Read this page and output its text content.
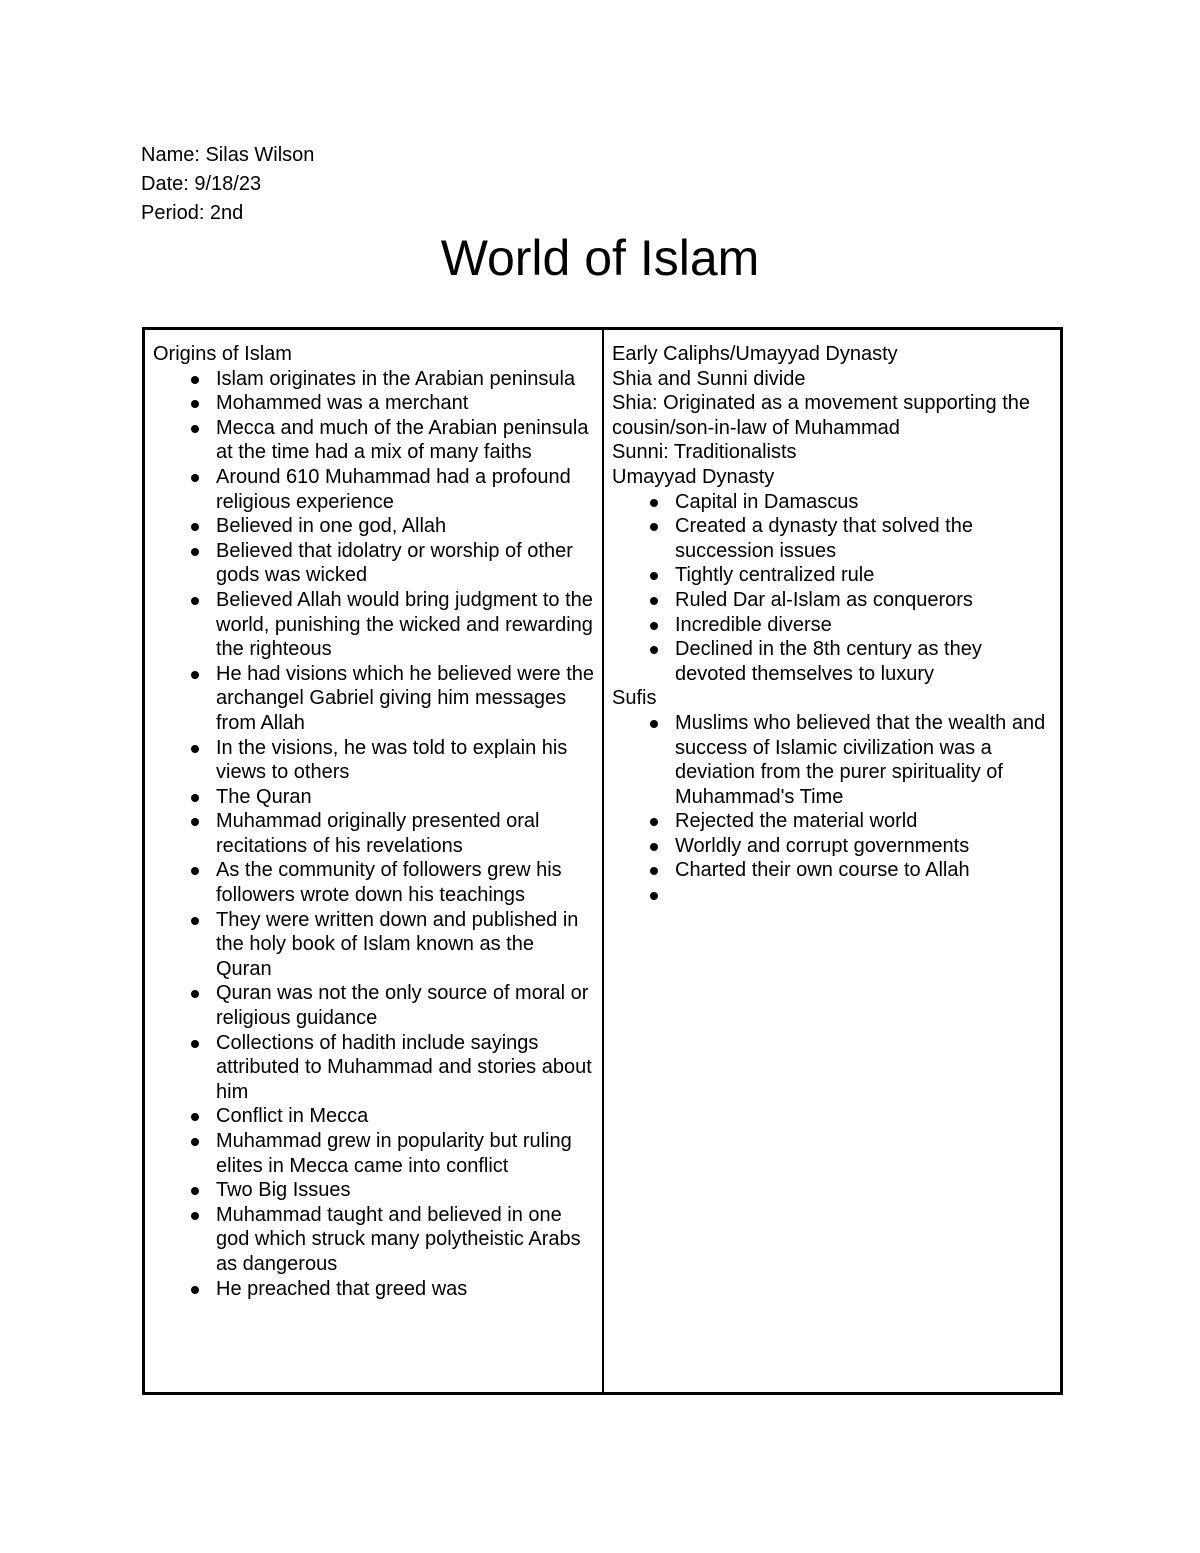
Name: Silas Wilson
Date: 9/18/23
Period: 2nd
World of Islam
Origins of Islam
Islam originates in the Arabian peninsula
Mohammed was a merchant
Mecca and much of the Arabian peninsula at the time had a mix of many faiths
Around 610 Muhammad had a profound religious experience
Believed in one god, Allah
Believed that idolatry or worship of other gods was wicked
Believed Allah would bring judgment to the world, punishing the wicked and rewarding the righteous
He had visions which he believed were the archangel Gabriel giving him messages from Allah
In the visions, he was told to explain his views to others
The Quran
Muhammad originally presented oral recitations of his revelations
As the community of followers grew his followers wrote down his teachings
They were written down and published in the holy book of Islam known as the Quran
Quran was not the only source of moral or religious guidance
Collections of hadith include sayings attributed to Muhammad and stories about him
Conflict in Mecca
Muhammad grew in popularity but ruling elites in Mecca came into conflict
Two Big Issues
Muhammad taught and believed in one god which struck many polytheistic Arabs as dangerous
He preached that greed was
Early Caliphs/Umayyad Dynasty
Shia and Sunni divide
Shia: Originated as a movement supporting the cousin/son-in-law of Muhammad
Sunni: Traditionalists
Umayyad Dynasty
Capital in Damascus
Created a dynasty that solved the succession issues
Tightly centralized rule
Ruled Dar al-Islam as conquerors
Incredible diverse
Declined in the 8th century as they devoted themselves to luxury
Sufis
Muslims who believed that the wealth and success of Islamic civilization was a deviation from the purer spirituality of Muhammad's Time
Rejected the material world
Worldly and corrupt governments
Charted their own course to Allah
